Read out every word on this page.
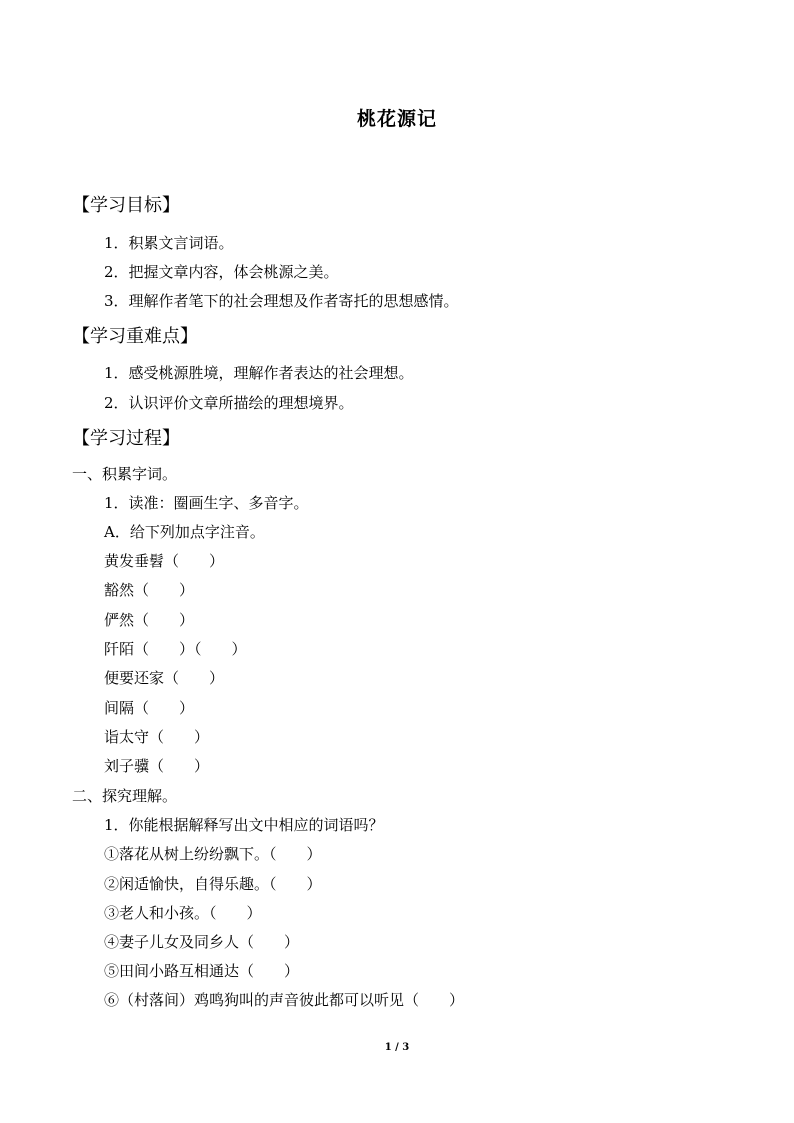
桃花源记
【学习目标】
1．积累文言词语。
2．把握文章内容，体会桃源之美。
3．理解作者笔下的社会理想及作者寄托的思想感情。
【学习重难点】
1．感受桃源胜境，理解作者表达的社会理想。
2．认识评价文章所描绘的理想境界。
【学习过程】
一、积累字词。
1．读准：圈画生字、多音字。
A．给下列加点字注音。
黄发垂髫（　　）
豁然（　　）
俨然（　　）
阡陌（　　）（　　）
便要还家（　　）
间隔（　　）
诣太守（　　）
刘子骥（　　）
二、探究理解。
1．你能根据解释写出文中相应的词语吗？
①落花从树上纷纷飘下。（　　）
②闲适愉快，自得乐趣。（　　）
③老人和小孩。（　　）
④妻子儿女及同乡人（　　）
⑤田间小路互相通达（　　）
⑥（村落间）鸡鸣狗叫的声音彼此都可以听见（　　）
1 / 3
